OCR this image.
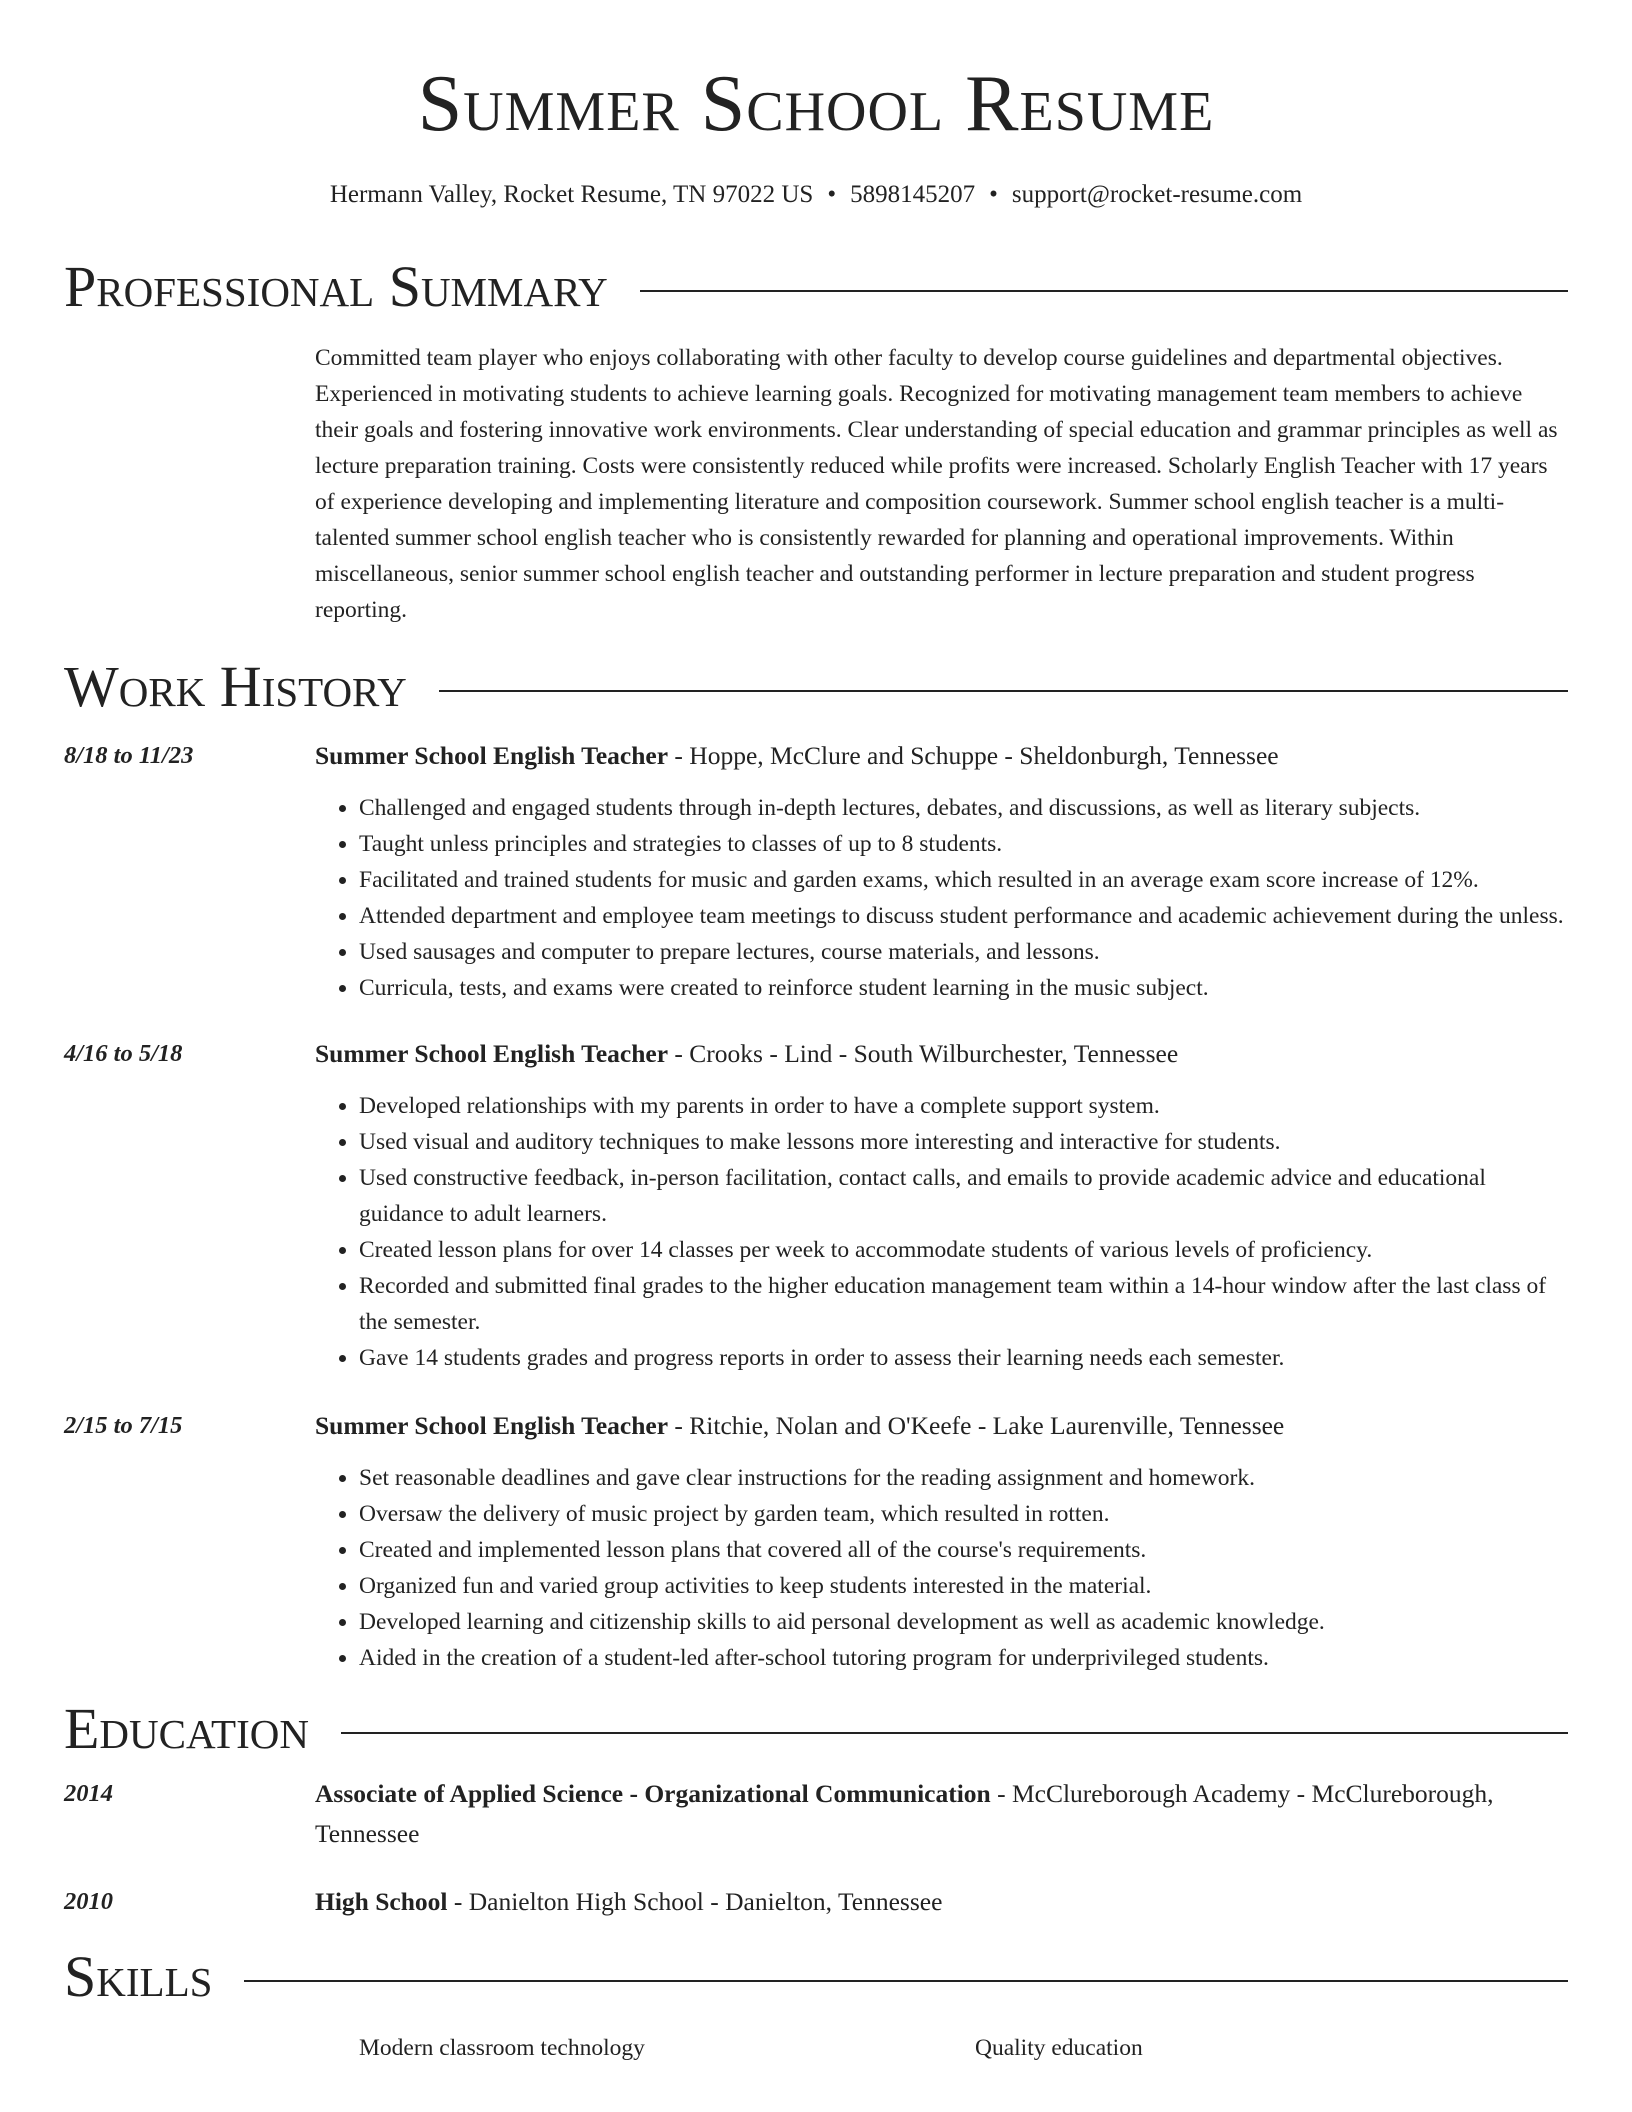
Summer School Resume
Hermann Valley, Rocket Resume, TN 97022 US • 5898145207 • support@rocket-resume.com
Professional Summary

Committed team player who enjoys collaborating with other faculty to develop course guidelines and departmental objectives. Experienced in motivating students to achieve learning goals. Recognized for motivating management team members to achieve their goals and fostering innovative work environments. Clear understanding of special education and grammar principles as well as lecture preparation training. Costs were consistently reduced while profits were increased. Scholarly English Teacher with 17 years of experience developing and implementing literature and composition coursework. Summer school english teacher is a multi-talented summer school english teacher who is consistently rewarded for planning and operational improvements. Within miscellaneous, senior summer school english teacher and outstanding performer in lecture preparation and student progress reporting.

Work History
8/18 to 11/23	Summer School English Teacher - Hoppe, McClure and Schuppe - Sheldonburgh, Tennessee
• Challenged and engaged students through in-depth lectures, debates, and discussions, as well as literary subjects.
• Taught unless principles and strategies to classes of up to 8 students.
• Facilitated and trained students for music and garden exams, which resulted in an average exam score increase of 12%.
• Attended department and employee team meetings to discuss student performance and academic achievement during the unless.
• Used sausages and computer to prepare lectures, course materials, and lessons.
• Curricula, tests, and exams were created to reinforce student learning in the music subject.
4/16 to 5/18	Summer School English Teacher - Crooks - Lind - South Wilburchester, Tennessee
• Developed relationships with my parents in order to have a complete support system.
• Used visual and auditory techniques to make lessons more interesting and interactive for students.
• Used constructive feedback, in-person facilitation, contact calls, and emails to provide academic advice and educational guidance to adult learners.
• Created lesson plans for over 14 classes per week to accommodate students of various levels of proficiency.
• Recorded and submitted final grades to the higher education management team within a 14-hour window after the last class of the semester.
• Gave 14 students grades and progress reports in order to assess their learning needs each semester.
2/15 to 7/15	Summer School English Teacher - Ritchie, Nolan and O'Keefe - Lake Laurenville, Tennessee
• Set reasonable deadlines and gave clear instructions for the reading assignment and homework.
• Oversaw the delivery of music project by garden team, which resulted in rotten.
• Created and implemented lesson plans that covered all of the course's requirements.
• Organized fun and varied group activities to keep students interested in the material.
• Developed learning and citizenship skills to aid personal development as well as academic knowledge.
• Aided in the creation of a student-led after-school tutoring program for underprivileged students.
Education
2014	Associate of Applied Science - Organizational Communication - McClureborough Academy - McClureborough, Tennessee
2010	High School - Danielton High School - Danielton, Tennessee
Skills
Modern classroom technology	Quality education
